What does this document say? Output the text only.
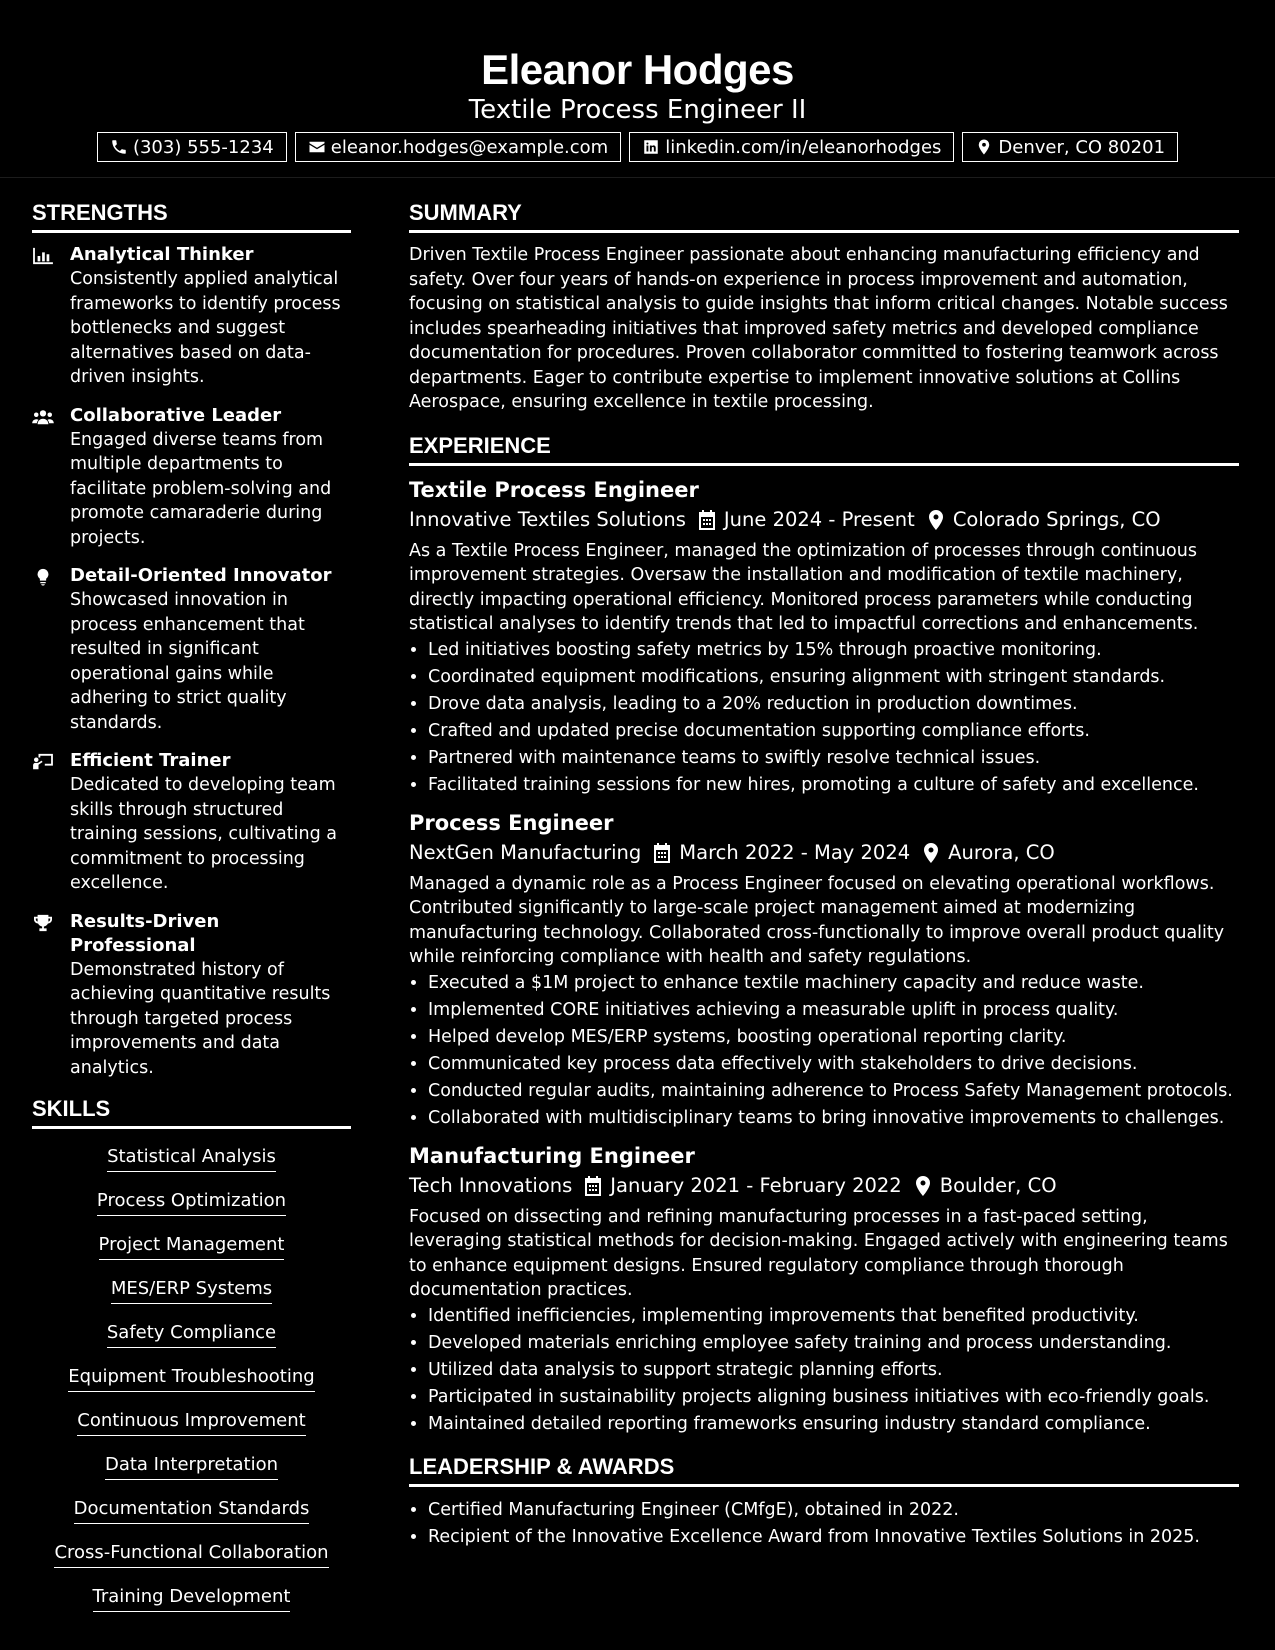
Eleanor Hodges
Textile Process Engineer II
(303) 555-1234	eleanor.hodges@example.com	linkedin.com/in/eleanorhodges	Denver, CO 80201
STRENGTHS
Analytical Thinker
Consistently applied analytical frameworks to identify process bottlenecks and suggest alternatives based on data-driven insights.
Collaborative Leader
Engaged diverse teams from multiple departments to facilitate problem-solving and promote camaraderie during projects.
Detail-Oriented Innovator
Showcased innovation in process enhancement that resulted in significant operational gains while adhering to strict quality standards.
Efficient Trainer
Dedicated to developing team skills through structured training sessions, cultivating a commitment to processing excellence.
Results-Driven Professional
Demonstrated history of achieving quantitative results through targeted process improvements and data analytics.
SKILLS
Statistical Analysis
Process Optimization
Project Management
MES/ERP Systems
Safety Compliance
Equipment Troubleshooting
Continuous Improvement
Data Interpretation
Documentation Standards
Cross-Functional Collaboration
Training Development
SUMMARY

Driven Textile Process Engineer passionate about enhancing manufacturing efficiency and safety. Over four years of hands-on experience in process improvement and automation, focusing on statistical analysis to guide insights that inform critical changes. Notable success includes spearheading initiatives that improved safety metrics and developed compliance documentation for procedures. Proven collaborator committed to fostering teamwork across departments. Eager to contribute expertise to implement innovative solutions at Collins Aerospace, ensuring excellence in textile processing.

EXPERIENCE
Textile Process Engineer
Innovative Textiles Solutions June 2024 - Present Colorado Springs, CO
As a Textile Process Engineer, managed the optimization of processes through continuous improvement strategies. Oversaw the installation and modification of textile machinery, directly impacting operational efficiency. Monitored process parameters while conducting statistical analyses to identify trends that led to impactful corrections and enhancements.
• Led initiatives boosting safety metrics by 15% through proactive monitoring.
• Coordinated equipment modifications, ensuring alignment with stringent standards.
• Drove data analysis, leading to a 20% reduction in production downtimes.
• Crafted and updated precise documentation supporting compliance efforts.
• Partnered with maintenance teams to swiftly resolve technical issues.
• Facilitated training sessions for new hires, promoting a culture of safety and excellence.
Process Engineer
NextGen Manufacturing March 2022 - May 2024 Aurora, CO
Managed a dynamic role as a Process Engineer focused on elevating operational workflows. Contributed significantly to large-scale project management aimed at modernizing manufacturing technology. Collaborated cross-functionally to improve overall product quality while reinforcing compliance with health and safety regulations.
• Executed a $1M project to enhance textile machinery capacity and reduce waste.
• Implemented CORE initiatives achieving a measurable uplift in process quality.
• Helped develop MES/ERP systems, boosting operational reporting clarity.
• Communicated key process data effectively with stakeholders to drive decisions.
• Conducted regular audits, maintaining adherence to Process Safety Management protocols.
• Collaborated with multidisciplinary teams to bring innovative improvements to challenges.
Manufacturing Engineer
Tech Innovations January 2021 - February 2022 Boulder, CO
Focused on dissecting and refining manufacturing processes in a fast-paced setting, leveraging statistical methods for decision-making. Engaged actively with engineering teams to enhance equipment designs. Ensured regulatory compliance through thorough documentation practices.
• Identified inefficiencies, implementing improvements that benefited productivity.
• Developed materials enriching employee safety training and process understanding.
• Utilized data analysis to support strategic planning efforts.
• Participated in sustainability projects aligning business initiatives with eco-friendly goals.
• Maintained detailed reporting frameworks ensuring industry standard compliance.
LEADERSHIP & AWARDS
• Certified Manufacturing Engineer (CMfgE), obtained in 2022.
• Recipient of the Innovative Excellence Award from Innovative Textiles Solutions in 2025.
